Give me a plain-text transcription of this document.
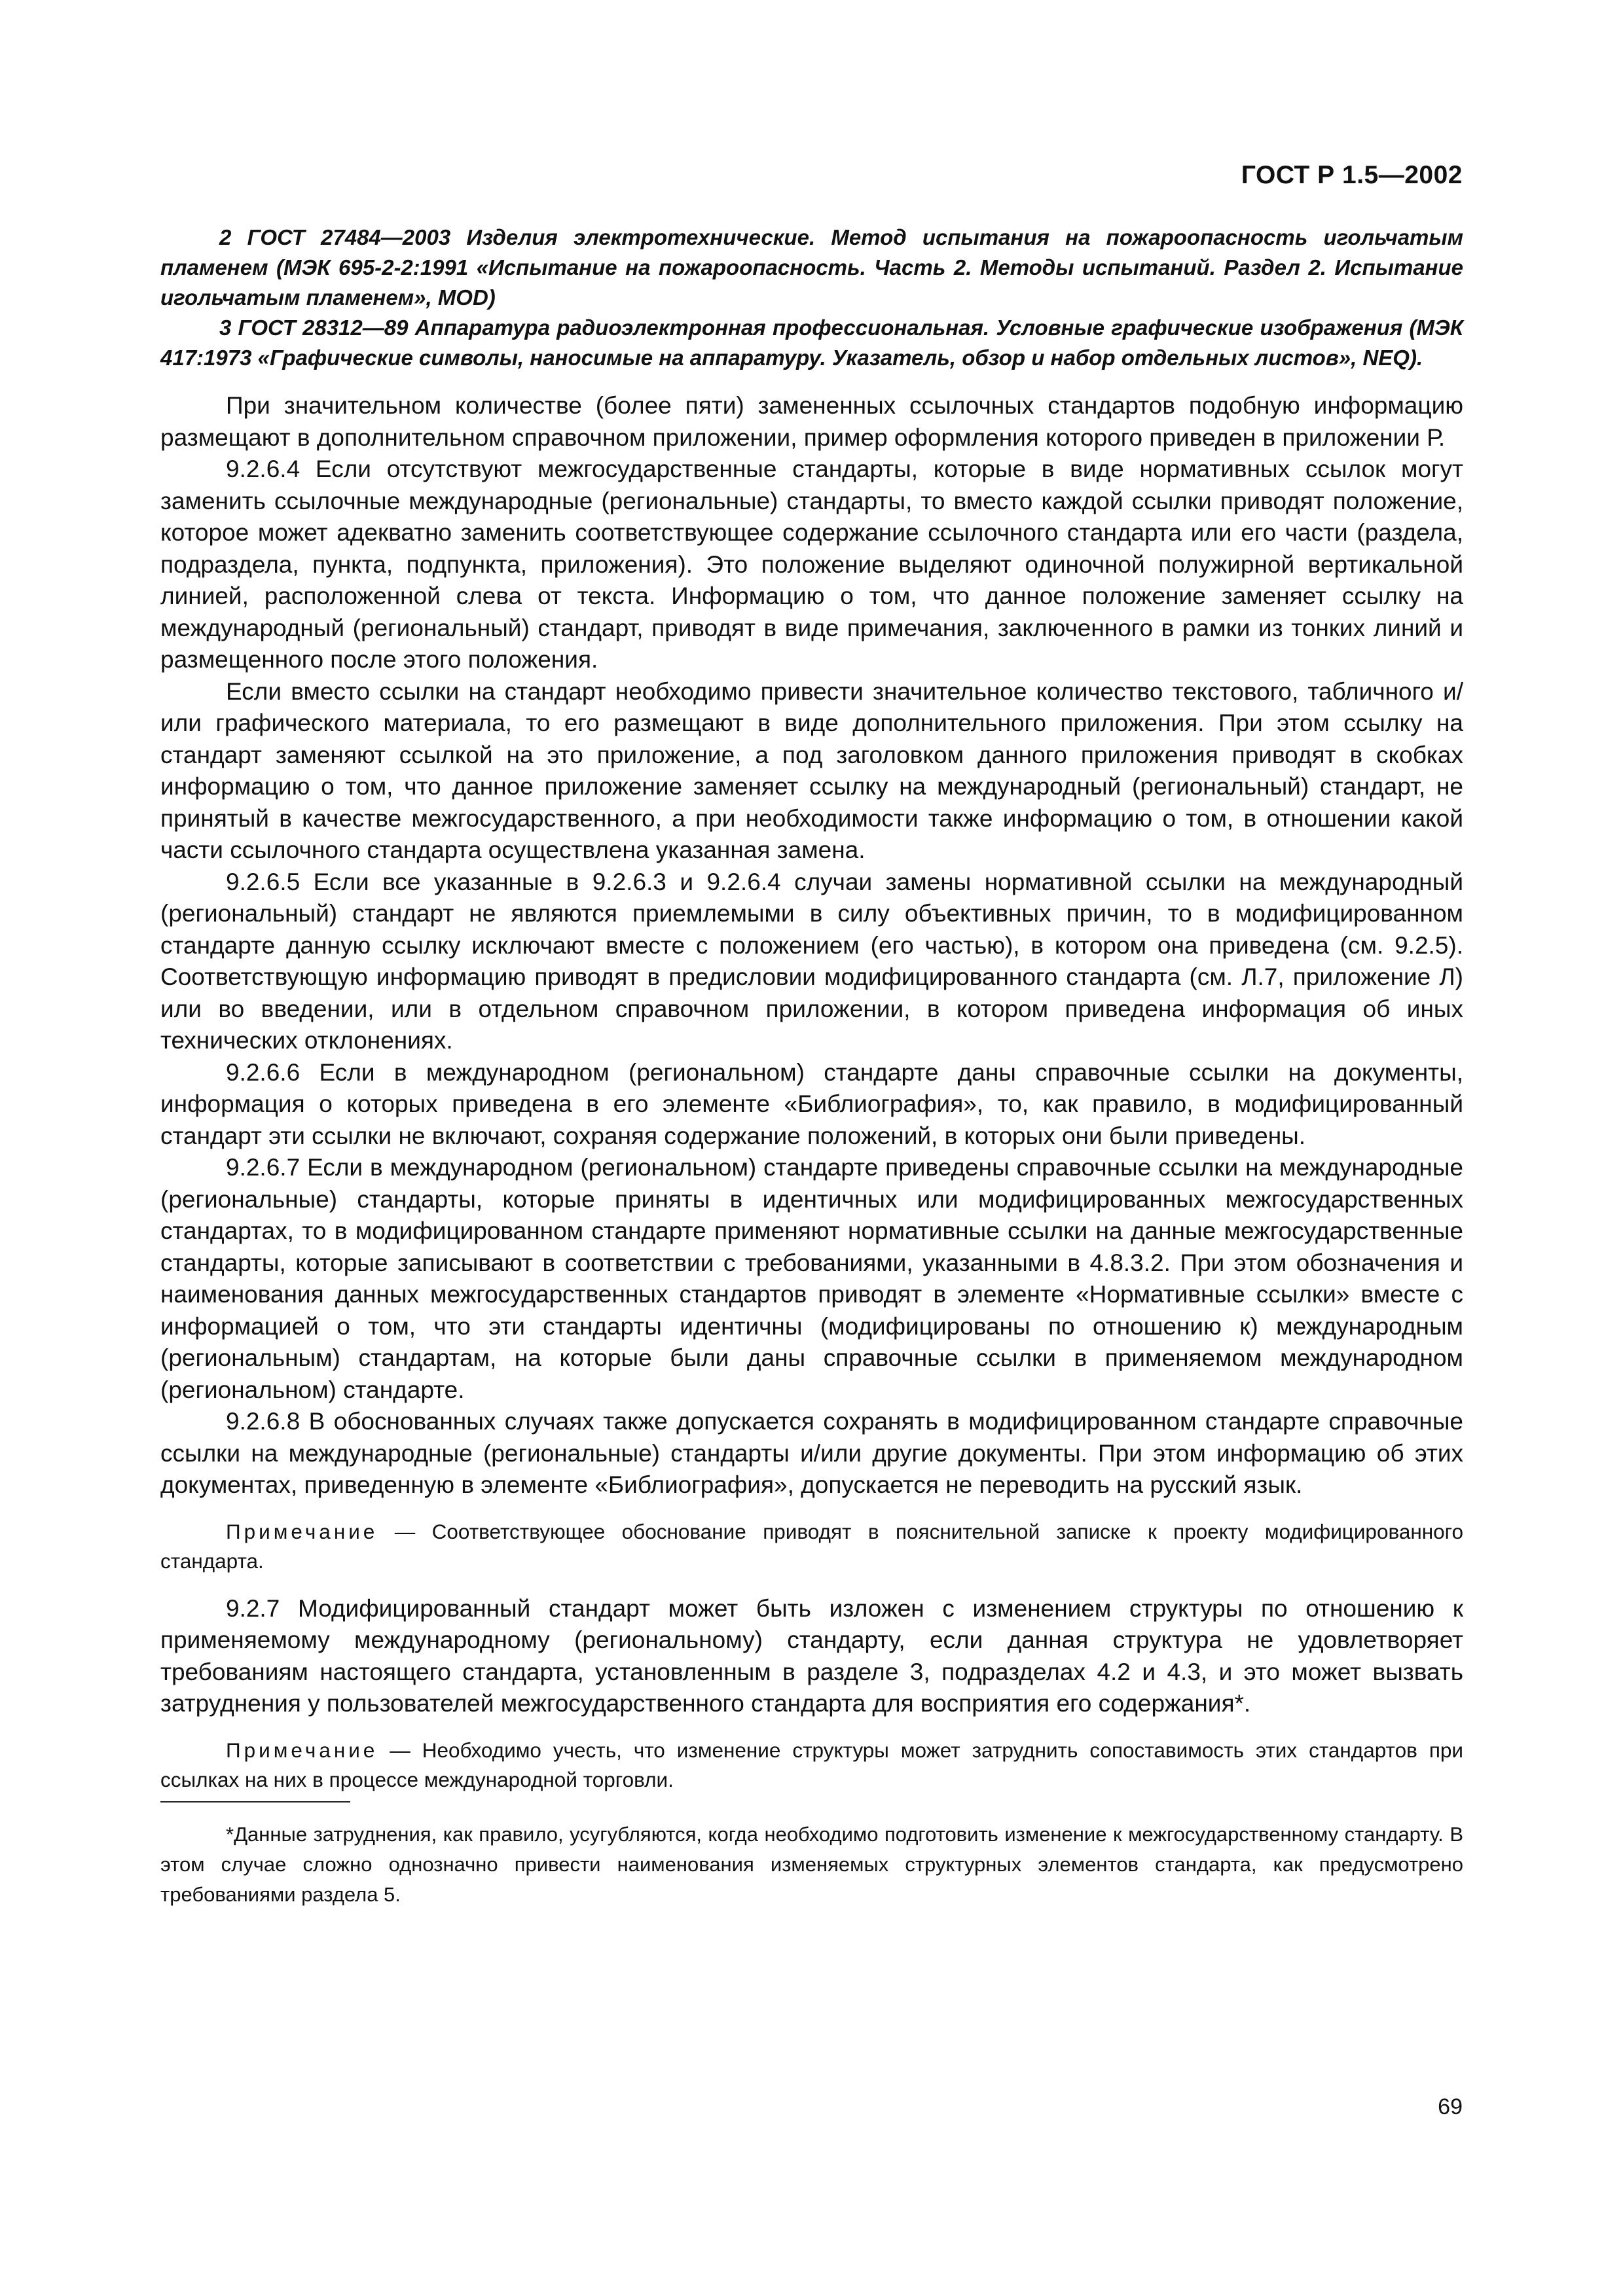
ГОСТ Р 1.5—2002

2 ГОСТ 27484—2003 Изделия электротехнические. Метод испытания на пожароопасность игольчатым пламенем (МЭК 695-2-2:1991 «Испытание на пожароопасность. Часть 2. Методы испытаний. Раздел 2. Испытание игольчатым пламенем», MOD)

3 ГОСТ 28312—89 Аппаратура радиоэлектронная профессиональная. Условные графические изображения (МЭК 417:1973 «Графические символы, наносимые на аппаратуру. Указатель, обзор и набор отдельных листов», NEQ).

При значительном количестве (более пяти) замененных ссылочных стандартов подобную информацию размещают в дополнительном справочном приложении, пример оформления которого приведен в приложении Р.

9.2.6.4 Если отсутствуют межгосударственные стандарты, которые в виде нормативных ссылок могут заменить ссылочные международные (региональные) стандарты, то вместо каждой ссылки приводят положение, которое может адекватно заменить соответствующее содержание ссылочного стандарта или его части (раздела, подраздела, пункта, подпункта, приложения). Это положение выделяют одиночной полужирной вертикальной линией, расположенной слева от текста. Информацию о том, что данное положение заменяет ссылку на международный (региональный) стандарт, приводят в виде примечания, заключенного в рамки из тонких линий и размещенного после этого положения.

Если вместо ссылки на стандарт необходимо привести значительное количество текстового, табличного и/или графического материала, то его размещают в виде дополнительного приложения. При этом ссылку на стандарт заменяют ссылкой на это приложение, а под заголовком данного приложения приводят в скобках информацию о том, что данное приложение заменяет ссылку на международный (региональный) стандарт, не принятый в качестве межгосударственного, а при необходимости также информацию о том, в отношении какой части ссылочного стандарта осуществлена указанная замена.

9.2.6.5 Если все указанные в 9.2.6.3 и 9.2.6.4 случаи замены нормативной ссылки на международный (региональный) стандарт не являются приемлемыми в силу объективных причин, то в модифицированном стандарте данную ссылку исключают вместе с положением (его частью), в котором она приведена (см. 9.2.5). Соответствующую информацию приводят в предисловии модифицированного стандарта (см. Л.7, приложение Л) или во введении, или в отдельном справочном приложении, в котором приведена информация об иных технических отклонениях.

9.2.6.6 Если в международном (региональном) стандарте даны справочные ссылки на документы, информация о которых приведена в его элементе «Библиография», то, как правило, в модифицированный стандарт эти ссылки не включают, сохраняя содержание положений, в которых они были приведены.

9.2.6.7 Если в международном (региональном) стандарте приведены справочные ссылки на международные (региональные) стандарты, которые приняты в идентичных или модифицированных межгосударственных стандартах, то в модифицированном стандарте применяют нормативные ссылки на данные межгосударственные стандарты, которые записывают в соответствии с требованиями, указанными в 4.8.3.2. При этом обозначения и наименования данных межгосударственных стандартов приводят в элементе «Нормативные ссылки» вместе с информацией о том, что эти стандарты идентичны (модифицированы по отношению к) международным (региональным) стандартам, на которые были даны справочные ссылки в применяемом международном (региональном) стандарте.

9.2.6.8 В обоснованных случаях также допускается сохранять в модифицированном стандарте справочные ссылки на международные (региональные) стандарты и/или другие документы. При этом информацию об этих документах, приведенную в элементе «Библиография», допускается не переводить на русский язык.

Примечание — Соответствующее обоснование приводят в пояснительной записке к проекту модифицированного стандарта.

9.2.7 Модифицированный стандарт может быть изложен с изменением структуры по отношению к применяемому международному (региональному) стандарту, если данная структура не удовлетворяет требованиям настоящего стандарта, установленным в разделе 3, подразделах 4.2 и 4.3, и это может вызвать затруднения у пользователей межгосударственного стандарта для восприятия его содержания*.

Примечание — Необходимо учесть, что изменение структуры может затруднить сопоставимость этих стандартов при ссылках на них в процессе международной торговли.

*Данные затруднения, как правило, усугубляются, когда необходимо подготовить изменение к межгосударственному стандарту. В этом случае сложно однозначно привести наименования изменяемых структурных элементов стандарта, как предусмотрено требованиями раздела 5.

69
